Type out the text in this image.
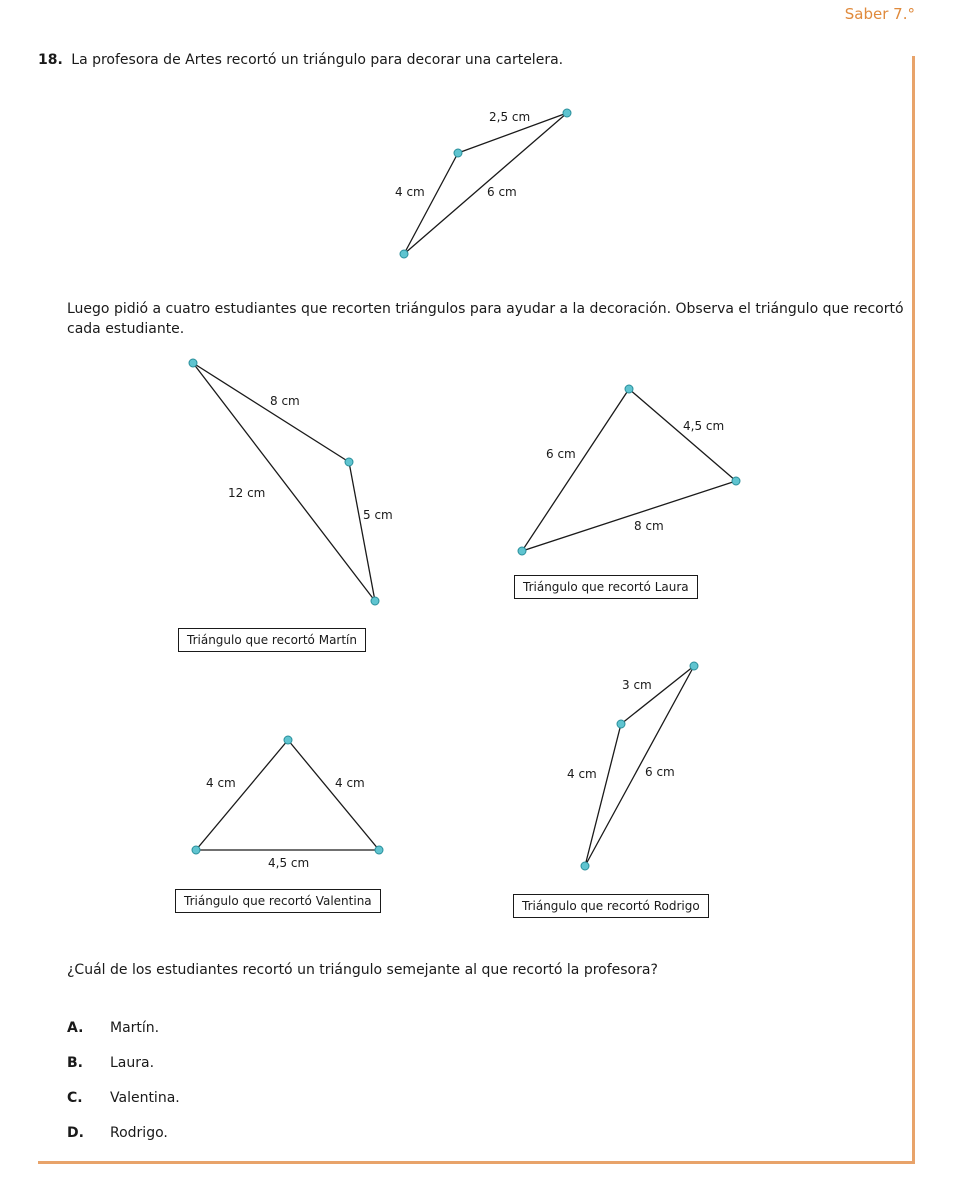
Saber 7.°
18. La profesora de Artes recortó un triángulo para decorar una cartelera.
2,5 cm
4 cm	6 cm
8 cm
12 cm
5 cm
6 cm
4,5 cm
8 cm
4 cm	4 cm
4,5 cm
3 cm
4 cm	6 cm
Luego pidió a cuatro estudiantes que recorten triángulos para ayudar a la decoración. Observa el triángulo que recortó cada estudiante.
Triángulo que recortó Laura
Triángulo que recortó Martín
Triángulo que recortó Valentina	Triángulo que recortó Rodrigo
¿Cuál de los estudiantes recortó un triángulo semejante al que recortó la profesora?
A.	Martín.
B.	Laura.
C.	Valentina.
D.	Rodrigo.
